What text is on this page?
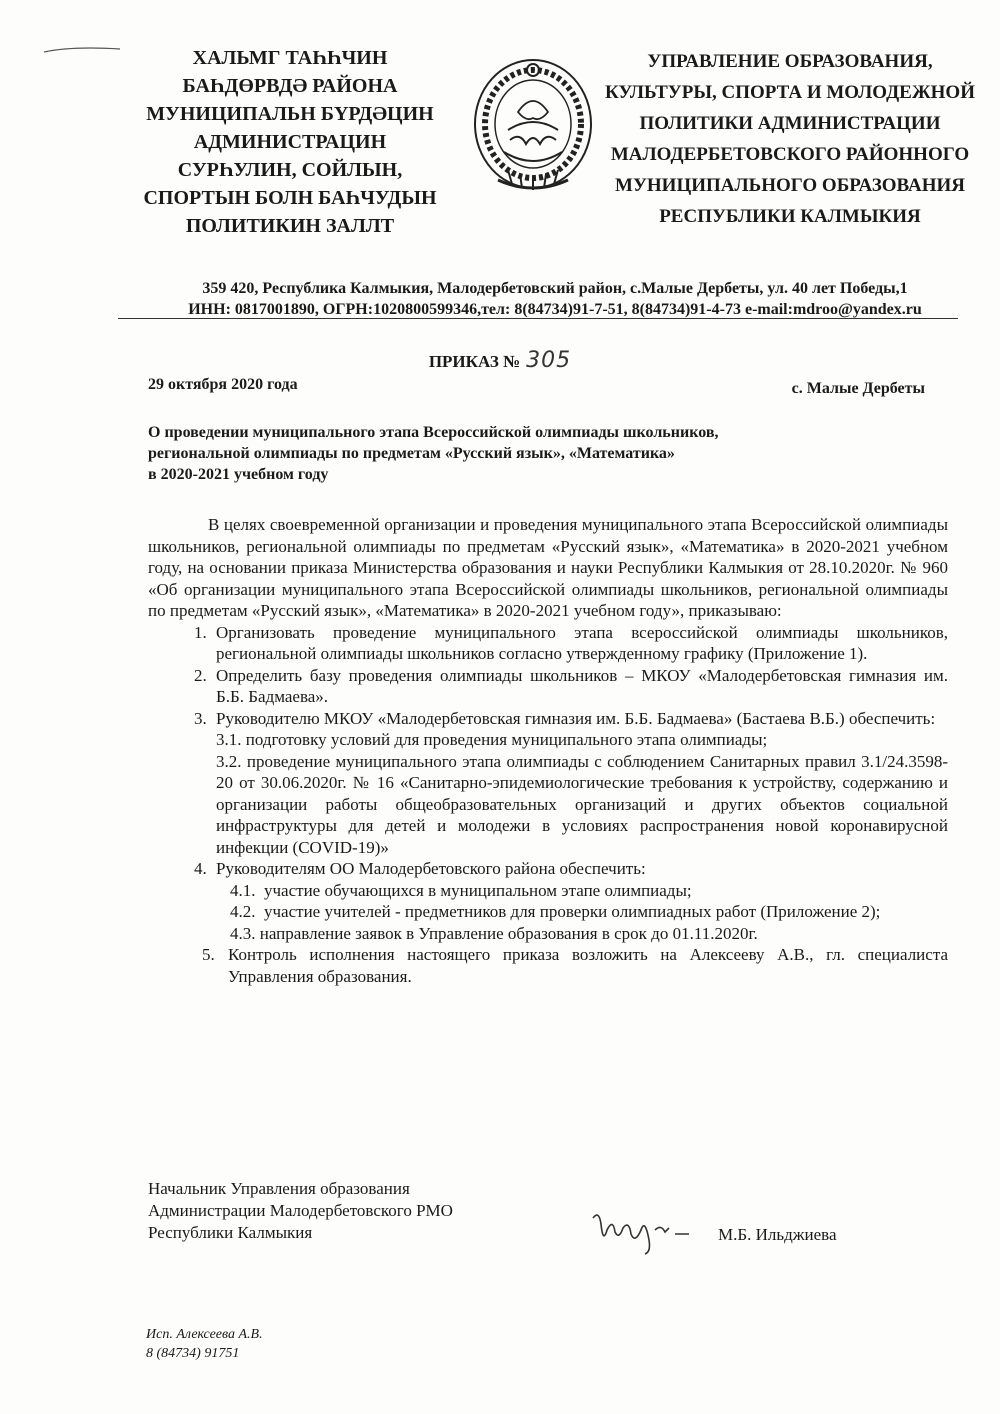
ХАЛЬМГ ТАҺҺЧИН
БАҺДӨРВДӘ РАЙОНА
МУНИЦИПАЛЬН БҮРДӘЦИН
АДМИНИСТРАЦИН
СУРҺУЛИН, СОЙЛЫН,
СПОРТЫН БОЛН БАҺЧУДЫН
ПОЛИТИКИН ЗАЛЛТ
УПРАВЛЕНИЕ ОБРАЗОВАНИЯ,
КУЛЬТУРЫ, СПОРТА И МОЛОДЕЖНОЙ
ПОЛИТИКИ АДМИНИСТРАЦИИ
МАЛОДЕРБЕТОВСКОГО РАЙОННОГО
МУНИЦИПАЛЬНОГО ОБРАЗОВАНИЯ
РЕСПУБЛИКИ КАЛМЫКИЯ
359 420, Республика Калмыкия, Малодербетовский район, с.Малые Дербеты, ул. 40 лет Победы,1
ИНН: 0817001890, ОГРН:1020800599346,тел: 8(84734)91-7-51, 8(84734)91-4-73 e-mail:mdroo@yandex.ru
ПРИКАЗ № 305
29 октября 2020 года	с. Малые Дербеты
О проведении муниципального этапа Всероссийской олимпиады школьников,
региональной олимпиады по предметам «Русский язык», «Математика»
в 2020-2021 учебном году

В целях своевременной организации и проведения муниципального этапа Всероссийской олимпиады школьников, региональной олимпиады по предметам «Русский язык», «Математика» в 2020-2021 учебном году, на основании приказа Министерства образования и науки Республики Калмыкия от 28.10.2020г. № 960 «Об организации муниципального этапа Всероссийской олимпиады школьников, региональной олимпиады по предметам «Русский язык», «Математика» в 2020-2021 учебном году», приказываю:

1. Организовать проведение муниципального этапа всероссийской олимпиады школьников, региональной олимпиады школьников согласно утвержденному графику (Приложение 1).
2. Определить базу проведения олимпиады школьников – МКОУ «Малодербетовская гимназия им. Б.Б. Бадмаева».
3. Руководителю МКОУ «Малодербетовская гимназия им. Б.Б. Бадмаева» (Бастаева В.Б.) обеспечить:
3.1. подготовку условий для проведения муниципального этапа олимпиады;
3.2. проведение муниципального этапа олимпиады с соблюдением Санитарных правил 3.1/24.3598-20 от 30.06.2020г. № 16 «Санитарно-эпидемиологические требования к устройству, содержанию и организации работы общеобразовательных организаций и других объектов социальной инфраструктуры для детей и молодежи в условиях распространения новой коронавирусной инфекции (COVID-19)»
4. Руководителям ОО Малодербетовского района обеспечить:
4.1. участие обучающихся в муниципальном этапе олимпиады;
4.2. участие учителей - предметников для проверки олимпиадных работ (Приложение 2);
4.3. направление заявок в Управление образования в срок до 01.11.2020г.
5. Контроль исполнения настоящего приказа возложить на Алексееву А.В., гл. специалиста Управления образования.
Начальник Управления образования
Администрации Малодербетовского РМО
Республики Калмыкия	М.Б. Ильджиева
Исп. Алексеева А.В.
8 (84734) 91751
